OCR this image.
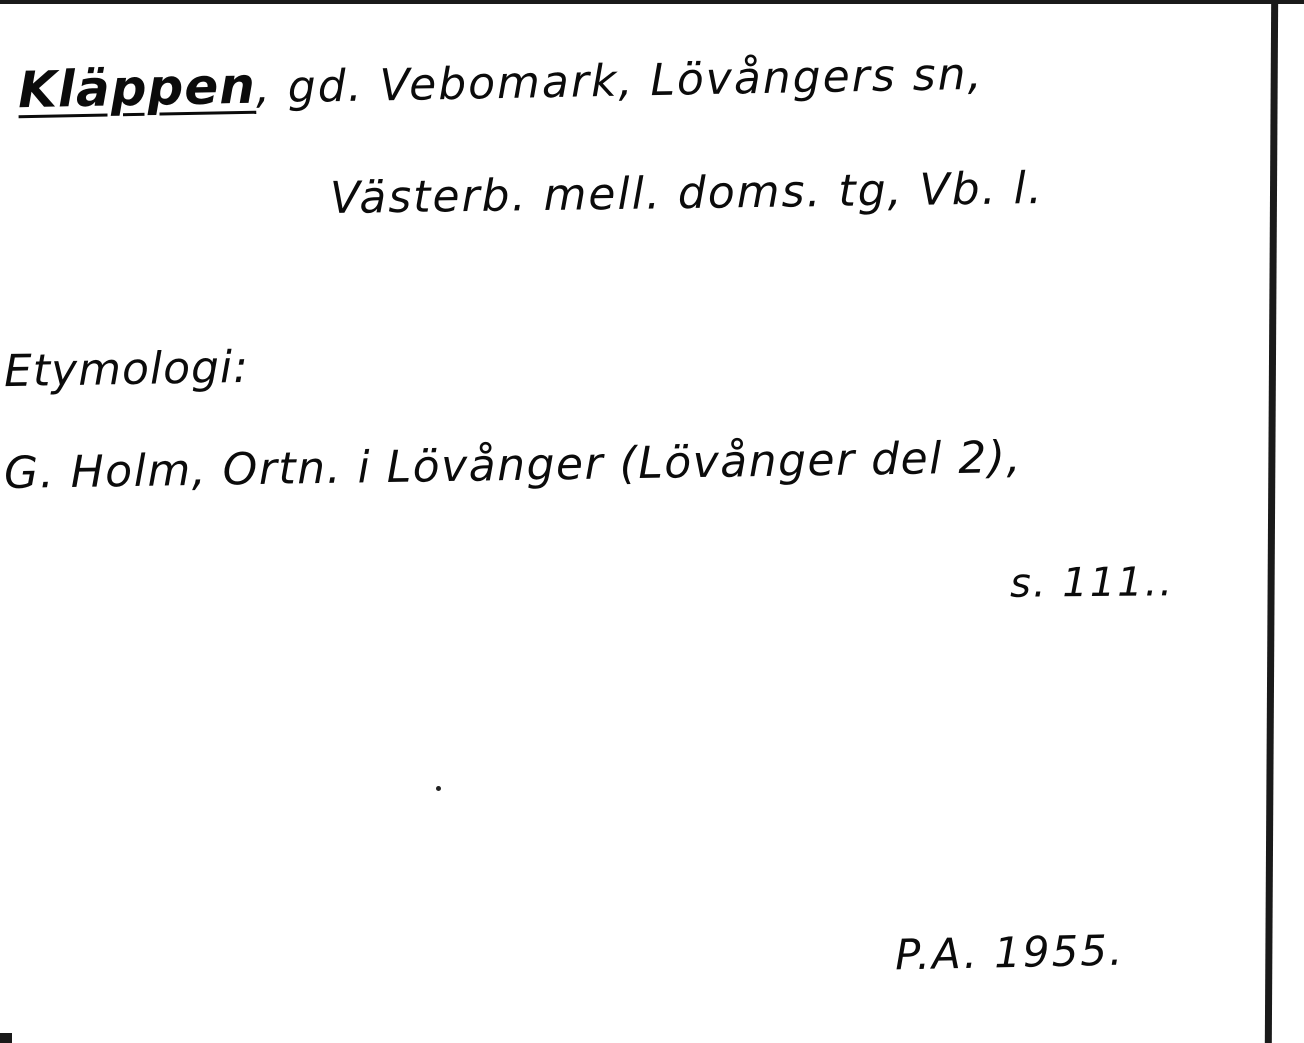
Kläppen, gd. Vebomark, Lövångers sn,
Västerb. mell. doms. tg, Vb. l.
Etymologi:
G. Holm, Ortn. i Lövånger (Lövånger del 2),
s. 111..
P.A. 1955.
